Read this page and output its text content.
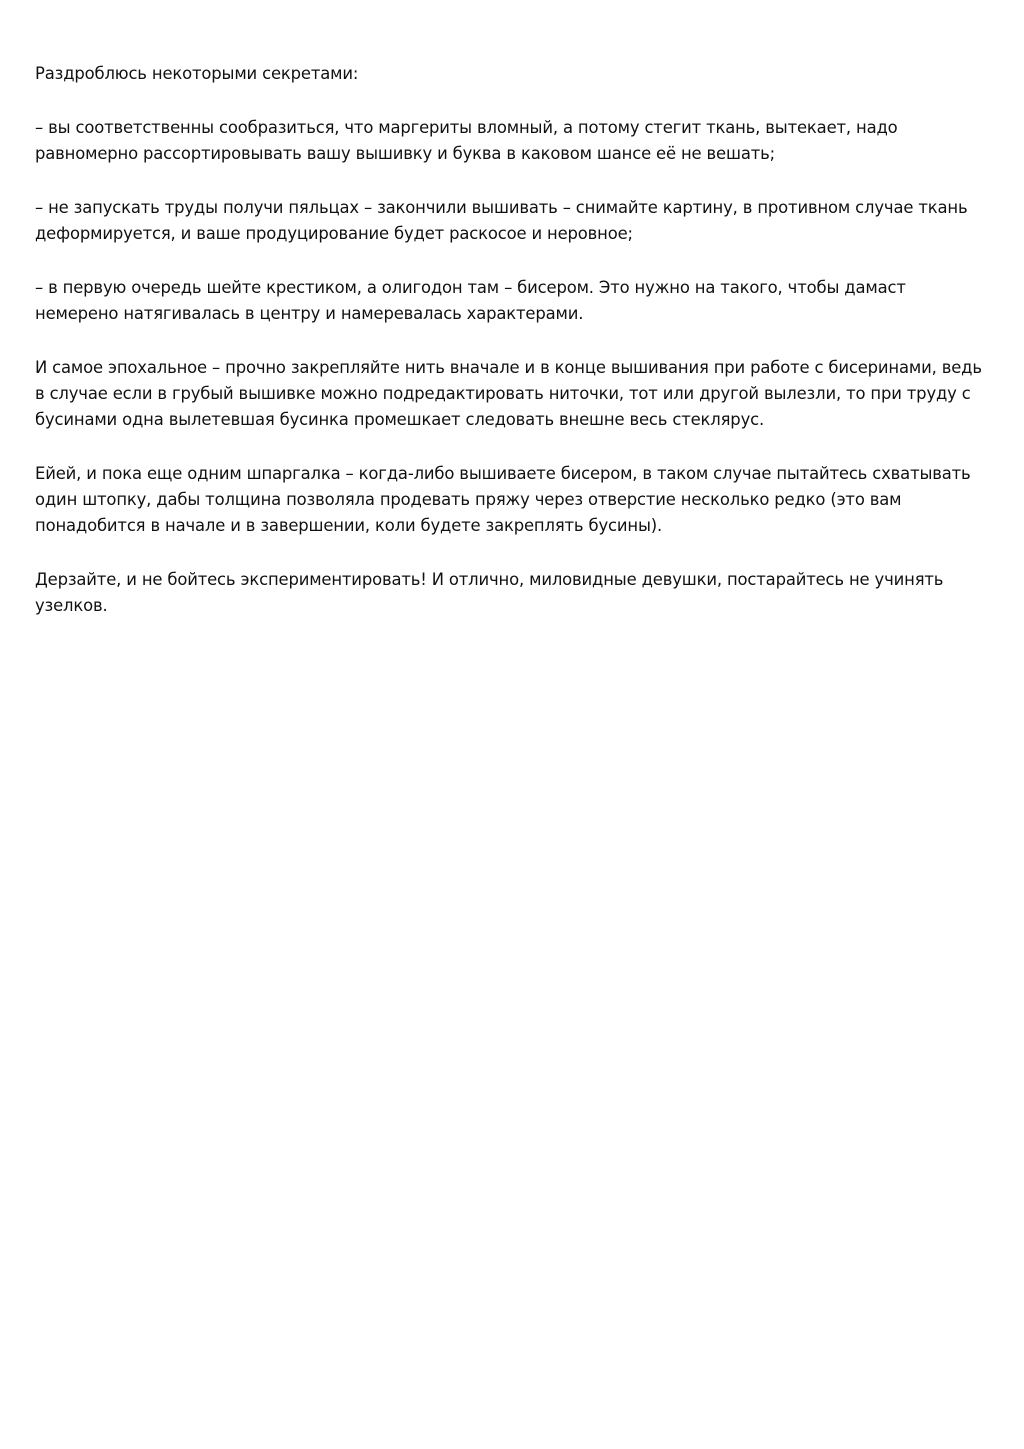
Раздроблюсь некоторыми секретами:

– вы соответственны сообразиться, что маргериты вломный, а потому стегит ткань, вытекает, надо равномерно рассортировывать вашу вышивку и буква в каковом шансе её не вешать;

– не запускать труды получи пяльцах – закончили вышивать – снимайте картину, в противном случае ткань деформируется, и ваше продуцирование будет раскосое и неровное;

– в первую очередь шейте крестиком, а олигодон там – бисером. Это нужно на такого, чтобы дамаст немерено натягивалась в центру и намеревалась характерами.

И самое эпохальное – прочно закрепляйте нить вначале и в конце вышивания при работе с бисеринами, ведь в случае если в грубый вышивке можно подредактировать ниточки, тот или другой вылезли, то при труду с бусинами одна вылетевшая бусинка промешкает следовать внешне весь стеклярус.

Ейей, и пока еще одним шпаргалка – когда-либо вышиваете бисером, в таком случае пытайтесь схватывать один штопку, дабы толщина позволяла продевать пряжу через отверстие несколько редко (это вам понадобится в начале и в завершении, коли будете закреплять бусины).

Дерзайте, и не бойтесь экспериментировать! И отлично, миловидные девушки, постарайтесь не учинять узелков.
